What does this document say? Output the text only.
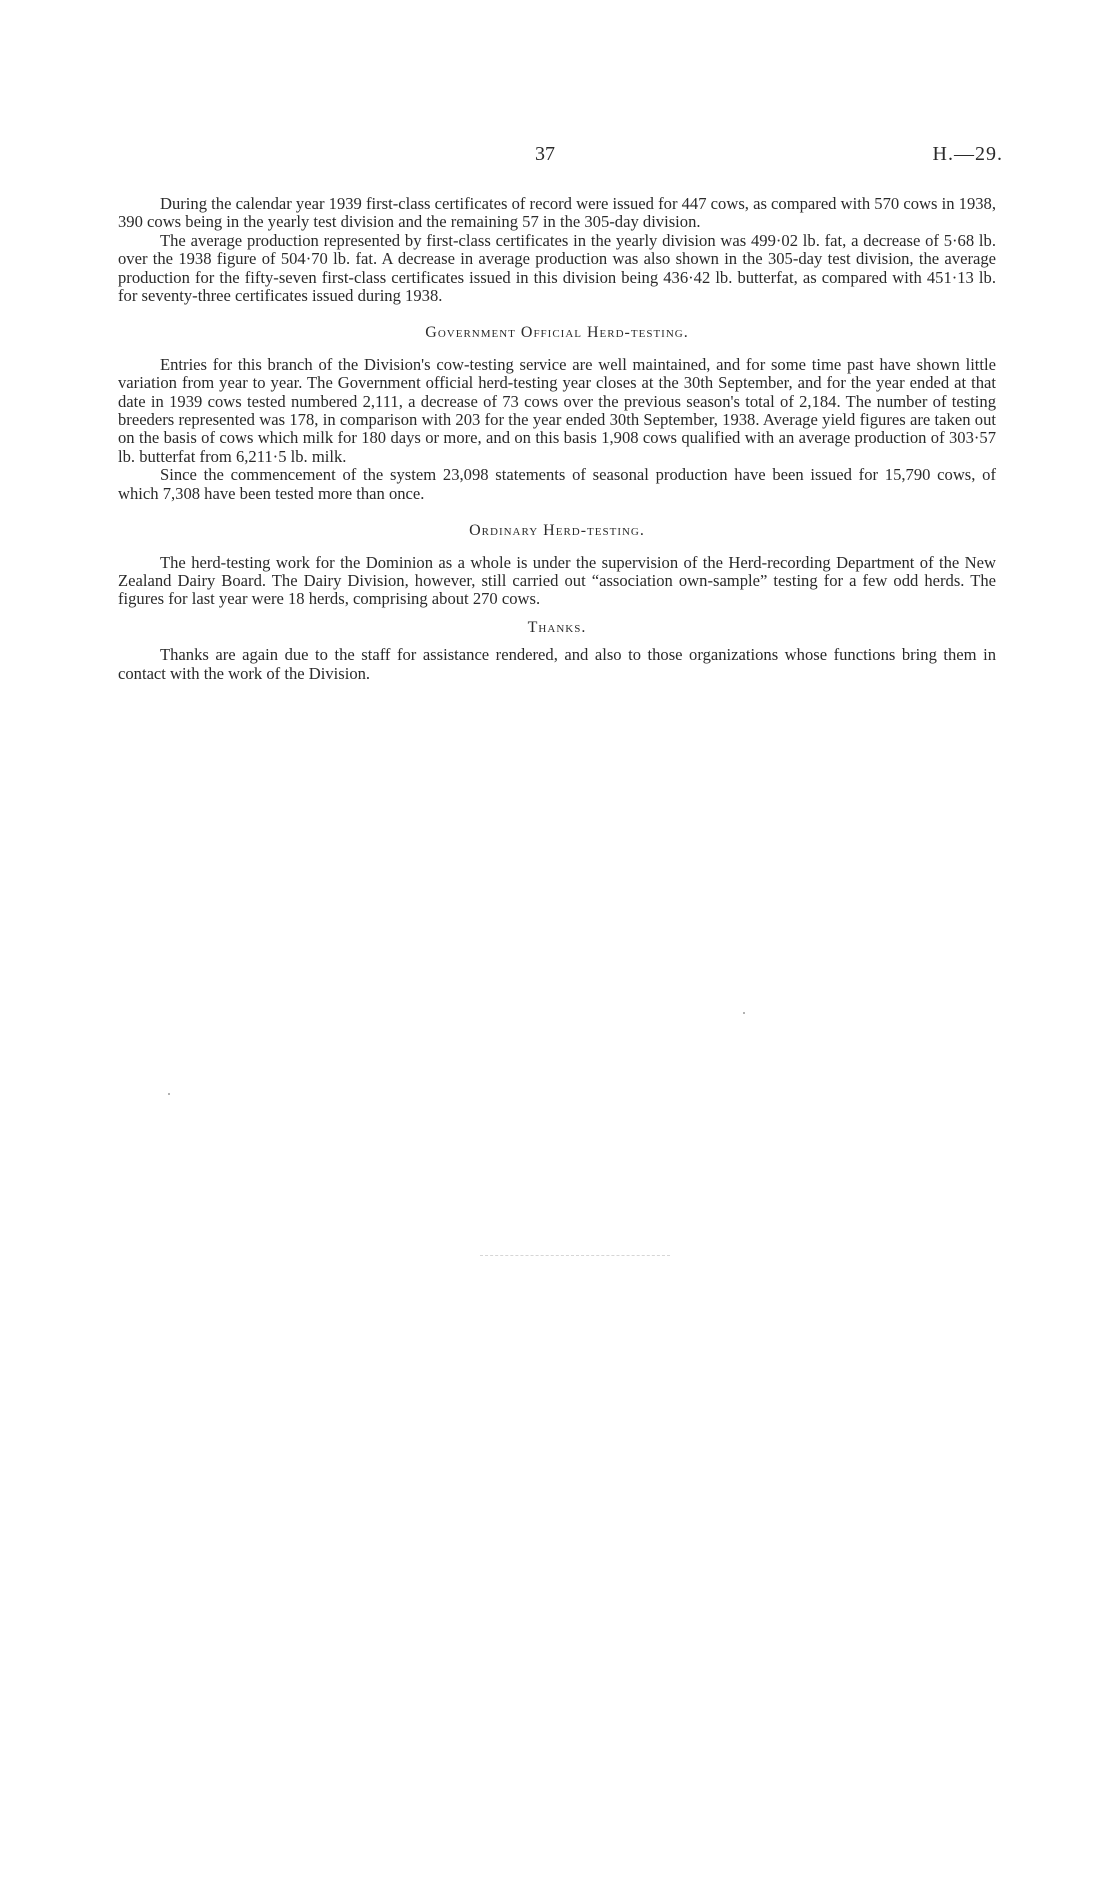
37	H.—29.

During the calendar year 1939 first-class certificates of record were issued for 447 cows, as compared with 570 cows in 1938, 390 cows being in the yearly test division and the remaining 57 in the 305-day division.

The average production represented by first-class certificates in the yearly division was 499·02 lb. fat, a decrease of 5·68 lb. over the 1938 figure of 504·70 lb. fat. A decrease in average production was also shown in the 305-day test division, the average production for the fifty-seven first-class certificates issued in this division being 436·42 lb. butterfat, as compared with 451·13 lb. for seventy-three certificates issued during 1938.

Government Official Herd-testing.

Entries for this branch of the Division's cow-testing service are well maintained, and for some time past have shown little variation from year to year. The Government official herd-testing year closes at the 30th September, and for the year ended at that date in 1939 cows tested numbered 2,111, a decrease of 73 cows over the previous season's total of 2,184. The number of testing breeders represented was 178, in comparison with 203 for the year ended 30th September, 1938. Average yield figures are taken out on the basis of cows which milk for 180 days or more, and on this basis 1,908 cows qualified with an average production of 303·57 lb. butterfat from 6,211·5 lb. milk.

Since the commencement of the system 23,098 statements of seasonal production have been issued for 15,790 cows, of which 7,308 have been tested more than once.

Ordinary Herd-testing.

The herd-testing work for the Dominion as a whole is under the supervision of the Herd-recording Department of the New Zealand Dairy Board. The Dairy Division, however, still carried out “association own-sample” testing for a few odd herds. The figures for last year were 18 herds, comprising about 270 cows.

Thanks.

Thanks are again due to the staff for assistance rendered, and also to those organizations whose functions bring them in contact with the work of the Division.
